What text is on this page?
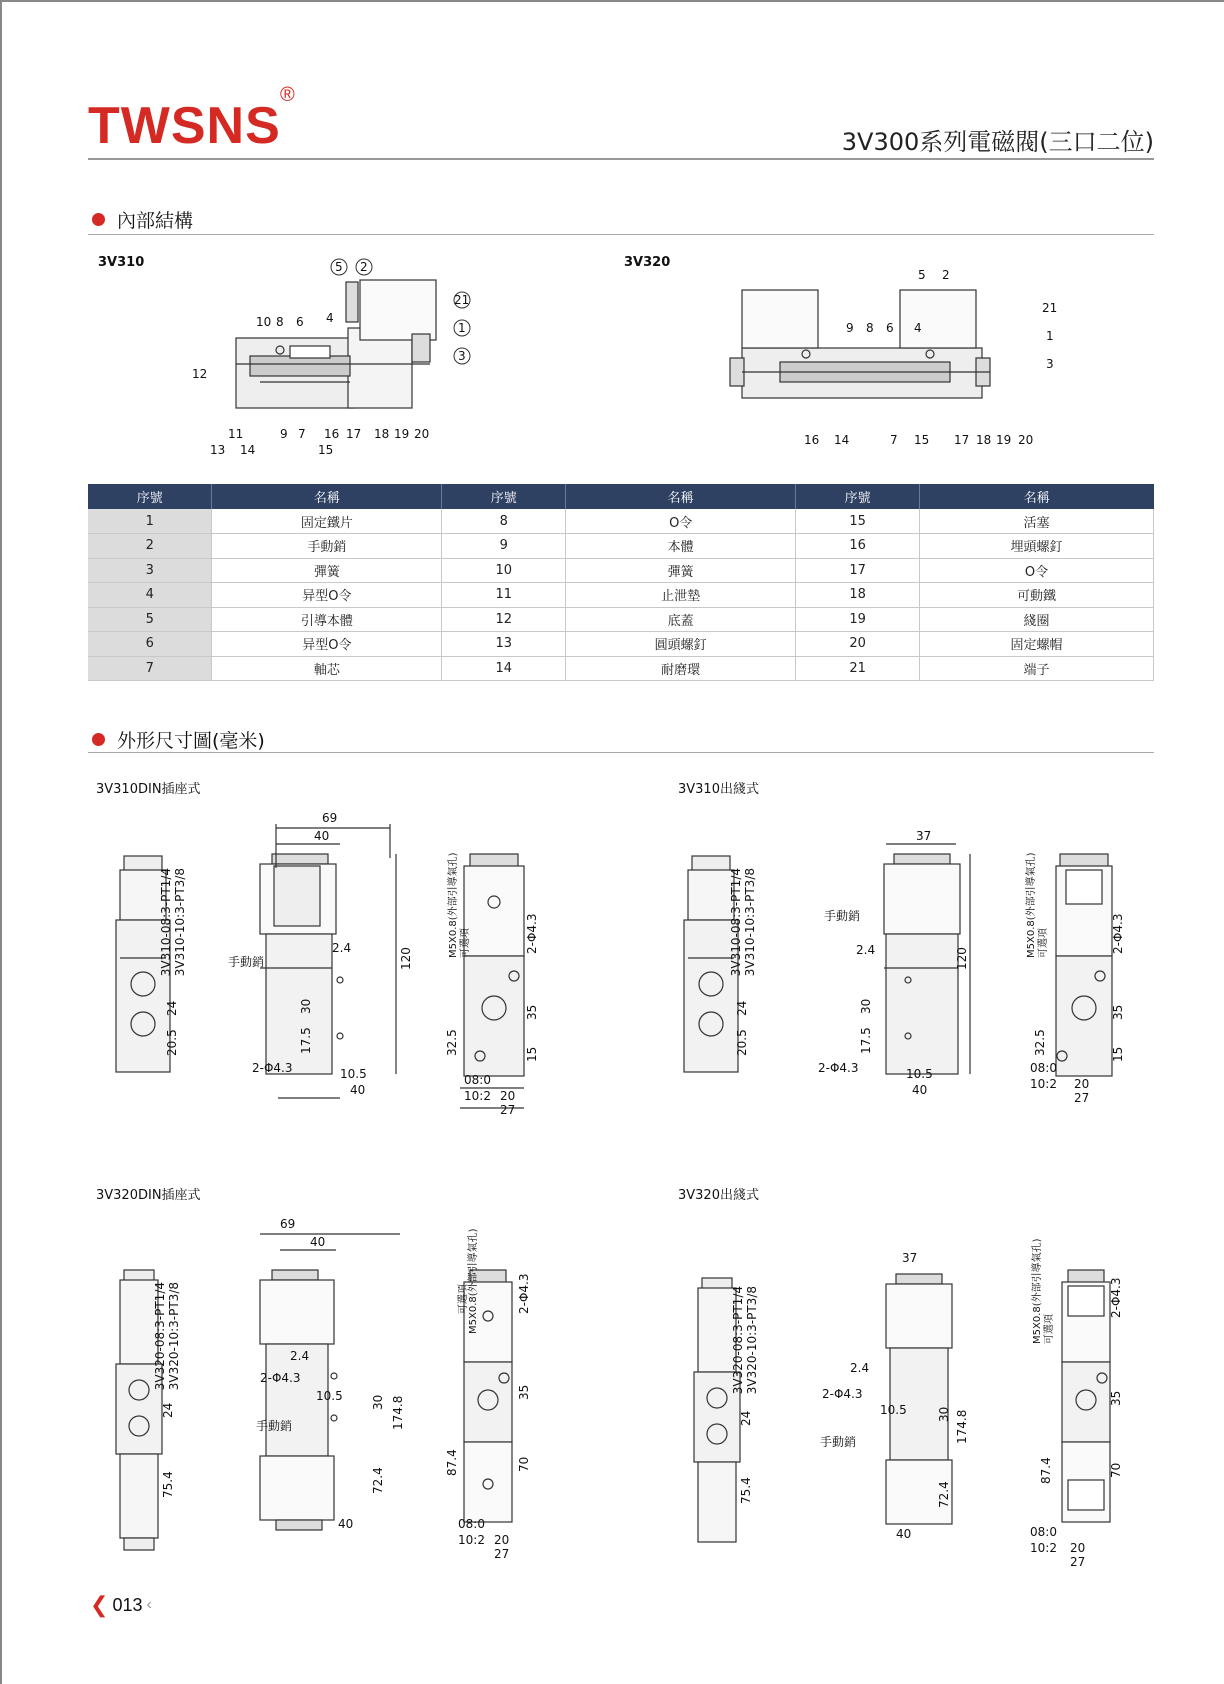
TWSNS
®
3V300系列電磁閥(三口二位)
內部結構
3V310	3V320
5 2
10 8 6 4
12
11	9 7 16 17 18 19 20
13 14	15
21
1
3
5 2
9 8 6 4
16 14	7 15 17 18 19 20
21
1
3
序號	名稱	序號	名稱	序號	名稱
1	固定鐵片	8	O令	15	活塞
2	手動銷	9	本體	16	埋頭螺釘
3	彈簧	10	彈簧	17	O令
4	异型O令	11	止泄墊	18	可動鐵
5	引導本體	12	底蓋	19	綫圈
6	异型O令	13	圓頭螺釘	20	固定螺帽
7	軸芯	14	耐磨環	21	端子
外形尺寸圖(毫米)
3V310DIN插座式	3V310出綫式
3V320DIN插座式	3V320出綫式
3V310-08:3-PT1/4 3V310-10:3-PT3/8
24
20.5
69
40
120
手動銷
2.4
30
17.5
2-Φ4.3	10.5
40
M5X0.8(外部引導氣孔) 可選項	2-Φ4.3
35
32.5	15
08:0
10:2 20
27
3V310-08:3-PT1/4 3V310-10:3-PT3/8
24
20.5
37
120
手動銷
2.4
30
17.5
2-Φ4.3	10.5
40
M5X0.8(外部引導氣孔) 可選項	2-Φ4.3
35
32.5	15
08:0
10:2 20
27
3V320-08:3-PT1/4 3V320-10:3-PT3/8
24
75.4
69
40
2.4
2-Φ4.3
10.5 30 174.8
手動銷
72.4
40
M5X0.8(外部引導氣孔)
可選項	2-Φ4.3
35
87.4	70
08:0
10:2 20
27
3V320-08:3-PT1/4 3V320-10:3-PT3/8
24
75.4
37
2.4
2-Φ4.3
10.5	30 174.8
手動銷
72.4
40
M5X0.8(外部引導氣孔) 可選項
2-Φ4.3
35
87.4	70
08:0
10:2 20
27
❮ 013 ‹
